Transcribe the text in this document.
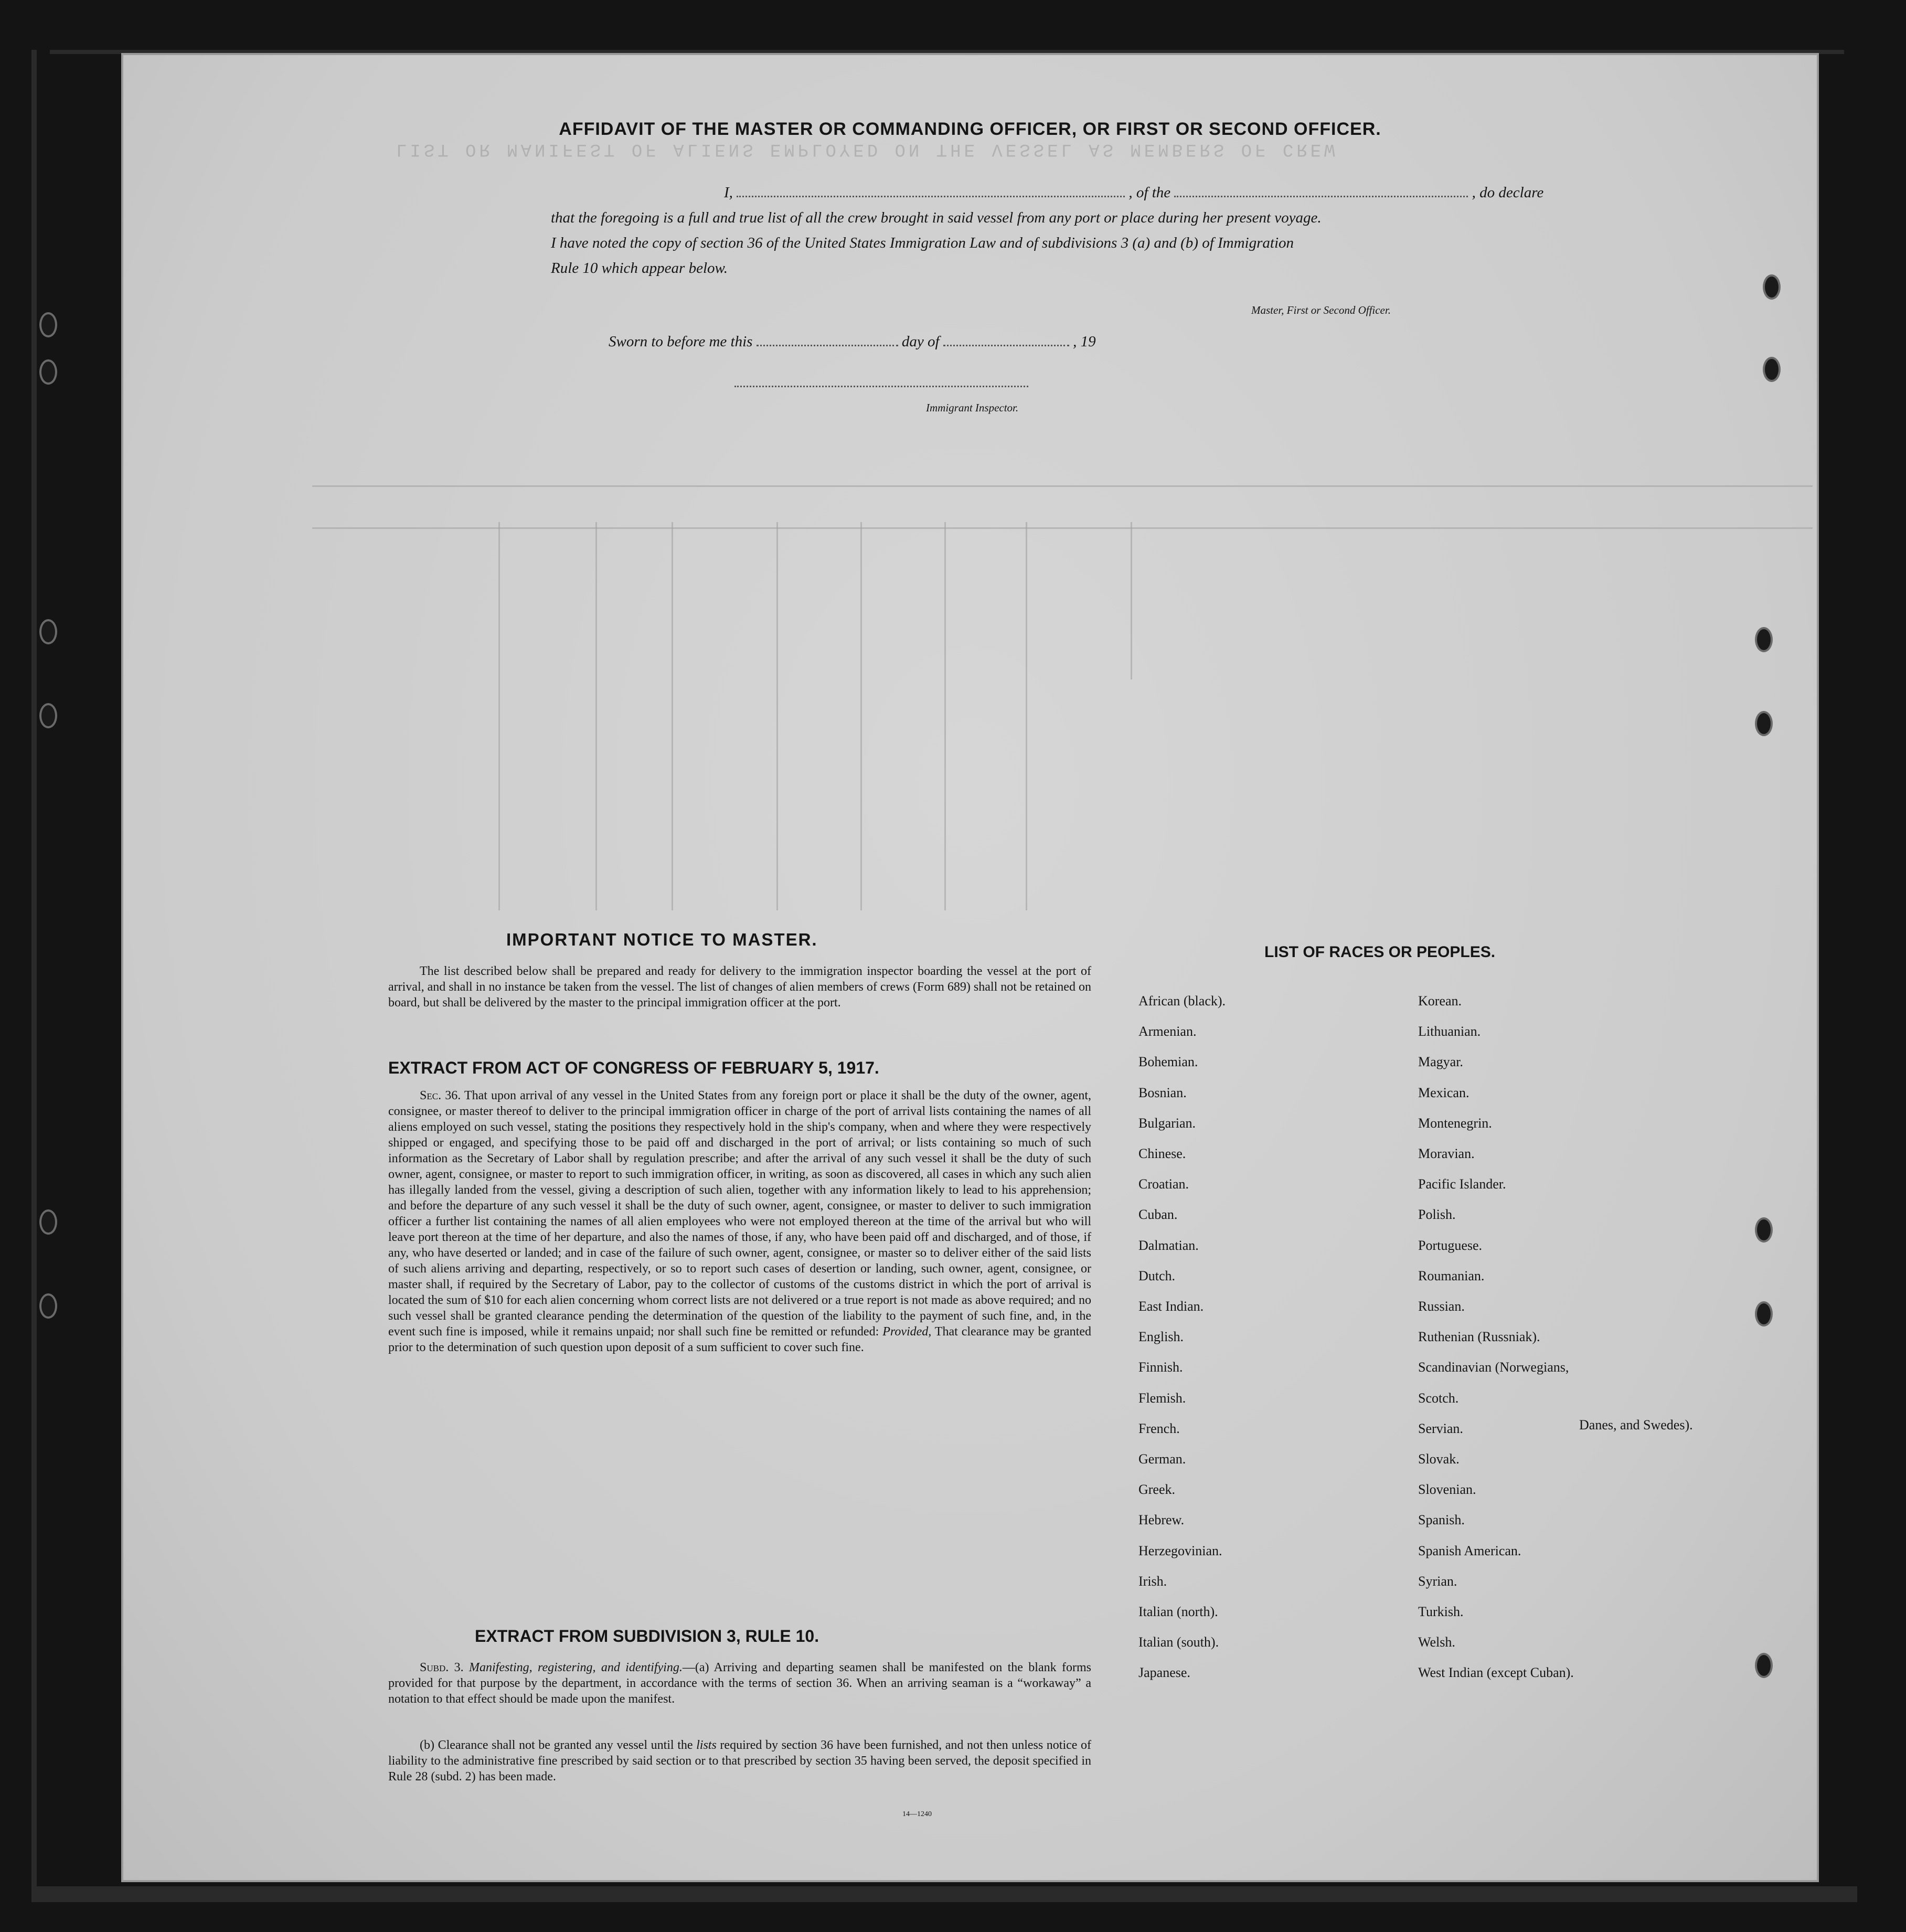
LIST OR MANIFEST OF ALIENS EMPLOYED ON THE VESSEL AS MEMBERS OF CREW
AFFIDAVIT OF THE MASTER OR COMMANDING OFFICER, OR FIRST OR SECOND OFFICER.
I,	, of the	, do declare
that the foregoing is a full and true list of all the crew brought in said vessel from any port or place during her present voyage.
I have noted the copy of section 36 of the United States Immigration Law and of subdivisions 3 (a) and (b) of Immigration
Rule 10 which appear below.
Master, First or Second Officer.
Sworn to before me this	day of	, 19
Immigrant Inspector.
IMPORTANT NOTICE TO MASTER.
The list described below shall be prepared and ready for delivery to the immigration inspector boarding the vessel at the port of arrival, and shall in no instance be taken from the vessel. The list of changes of alien members of crews (Form 689) shall not be retained on board, but shall be delivered by the master to the principal immigration officer at the port.
EXTRACT FROM ACT OF CONGRESS OF FEBRUARY 5, 1917.
Sec. 36. That upon arrival of any vessel in the United States from any foreign port or place it shall be the duty of the owner, agent, consignee, or master thereof to deliver to the principal immigration officer in charge of the port of arrival lists containing the names of all aliens employed on such vessel, stating the positions they respectively hold in the ship's company, when and where they were respectively shipped or engaged, and specifying those to be paid off and discharged in the port of arrival; or lists containing so much of such information as the Secretary of Labor shall by regulation prescribe; and after the arrival of any such vessel it shall be the duty of such owner, agent, consignee, or master to report to such immigration officer, in writing, as soon as discovered, all cases in which any such alien has illegally landed from the vessel, giving a description of such alien, together with any information likely to lead to his apprehension; and before the departure of any such vessel it shall be the duty of such owner, agent, consignee, or master to deliver to such immigration officer a further list containing the names of all alien employees who were not employed thereon at the time of the arrival but who will leave port thereon at the time of her departure, and also the names of those, if any, who have been paid off and discharged, and of those, if any, who have deserted or landed; and in case of the failure of such owner, agent, consignee, or master so to deliver either of the said lists of such aliens arriving and departing, respectively, or so to report such cases of desertion or landing, such owner, agent, consignee, or master shall, if required by the Secretary of Labor, pay to the collector of customs of the customs district in which the port of arrival is located the sum of $10 for each alien concerning whom correct lists are not delivered or a true report is not made as above required; and no such vessel shall be granted clearance pending the determination of the question of the liability to the payment of such fine, and, in the event such fine is imposed, while it remains unpaid; nor shall such fine be remitted or refunded: Provided, That clearance may be granted prior to the determination of such question upon deposit of a sum sufficient to cover such fine.
EXTRACT FROM SUBDIVISION 3, RULE 10.
Subd. 3. Manifesting, registering, and identifying.—(a) Arriving and departing seamen shall be manifested on the blank forms provided for that purpose by the department, in accordance with the terms of section 36. When an arriving seaman is a “workaway” a notation to that effect should be made upon the manifest.
(b) Clearance shall not be granted any vessel until the lists required by section 36 have been furnished, and not then unless notice of liability to the administrative fine prescribed by said section or to that prescribed by section 35 having been served, the deposit specified in Rule 28 (subd. 2) has been made.
14—1240
LIST OF RACES OR PEOPLES.
African (black).
Armenian.
Bohemian.
Bosnian.
Bulgarian.
Chinese.
Croatian.
Cuban.
Dalmatian.
Dutch.
East Indian.
English.
Finnish.
Flemish.
French.
German.
Greek.
Hebrew.
Herzegovinian.
Irish.
Italian (north).
Italian (south).
Japanese.
Korean.
Lithuanian.
Magyar.
Mexican.
Montenegrin.
Moravian.
Pacific Islander.
Polish.
Portuguese.
Roumanian.
Russian.
Ruthenian (Russniak).
Scandinavian (Norwegians,
Scotch.
Servian.
Slovak.
Slovenian.
Spanish.
Spanish American.
Syrian.
Turkish.
Welsh.
West Indian (except Cuban).
Danes, and Swedes).
